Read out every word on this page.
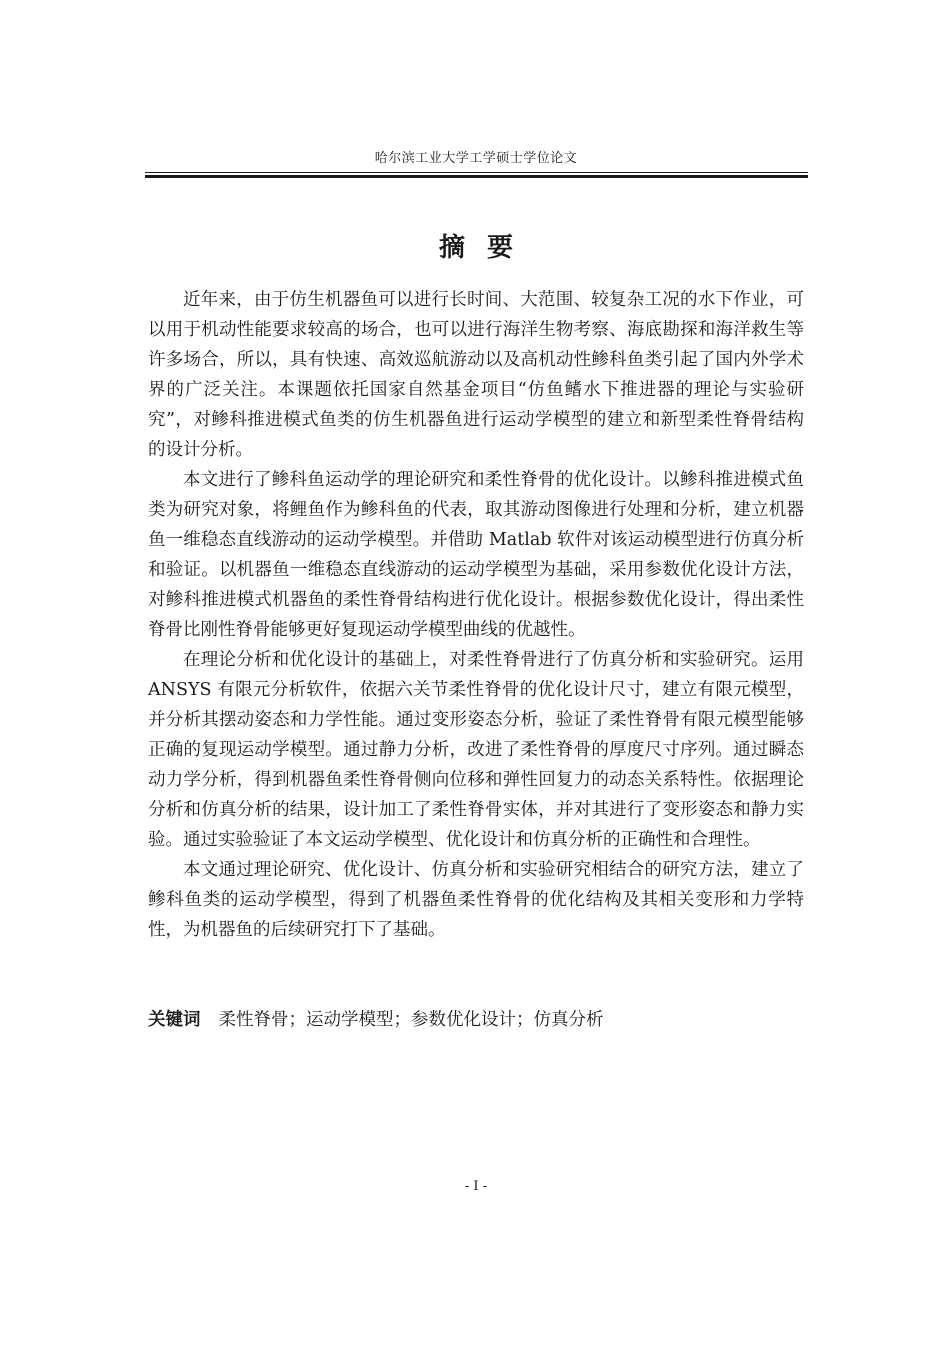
哈尔滨工业大学工学硕士学位论文
摘要

近年来，由于仿生机器鱼可以进行长时间、大范围、较复杂工况的水下作业，可以用于机动性能要求较高的场合，也可以进行海洋生物考察、海底勘探和海洋救生等许多场合，所以，具有快速、高效巡航游动以及高机动性鲹科鱼类引起了国内外学术界的广泛关注。本课题依托国家自然基金项目“仿鱼鳍水下推进器的理论与实验研究”，对鲹科推进模式鱼类的仿生机器鱼进行运动学模型的建立和新型柔性脊骨结构的设计分析。

本文进行了鲹科鱼运动学的理论研究和柔性脊骨的优化设计。以鲹科推进模式鱼类为研究对象，将鲤鱼作为鲹科鱼的代表，取其游动图像进行处理和分析，建立机器鱼一维稳态直线游动的运动学模型。并借助 Matlab 软件对该运动模型进行仿真分析和验证。以机器鱼一维稳态直线游动的运动学模型为基础，采用参数优化设计方法，对鲹科推进模式机器鱼的柔性脊骨结构进行优化设计。根据参数优化设计，得出柔性脊骨比刚性脊骨能够更好复现运动学模型曲线的优越性。

在理论分析和优化设计的基础上，对柔性脊骨进行了仿真分析和实验研究。运用 ANSYS 有限元分析软件，依据六关节柔性脊骨的优化设计尺寸，建立有限元模型，并分析其摆动姿态和力学性能。通过变形姿态分析，验证了柔性脊骨有限元模型能够正确的复现运动学模型。通过静力分析，改进了柔性脊骨的厚度尺寸序列。通过瞬态动力学分析，得到机器鱼柔性脊骨侧向位移和弹性回复力的动态关系特性。依据理论分析和仿真分析的结果，设计加工了柔性脊骨实体，并对其进行了变形姿态和静力实验。通过实验验证了本文运动学模型、优化设计和仿真分析的正确性和合理性。

本文通过理论研究、优化设计、仿真分析和实验研究相结合的研究方法，建立了鲹科鱼类的运动学模型，得到了机器鱼柔性脊骨的优化结构及其相关变形和力学特性，为机器鱼的后续研究打下了基础。

关键词 柔性脊骨；运动学模型；参数优化设计；仿真分析
- I -
